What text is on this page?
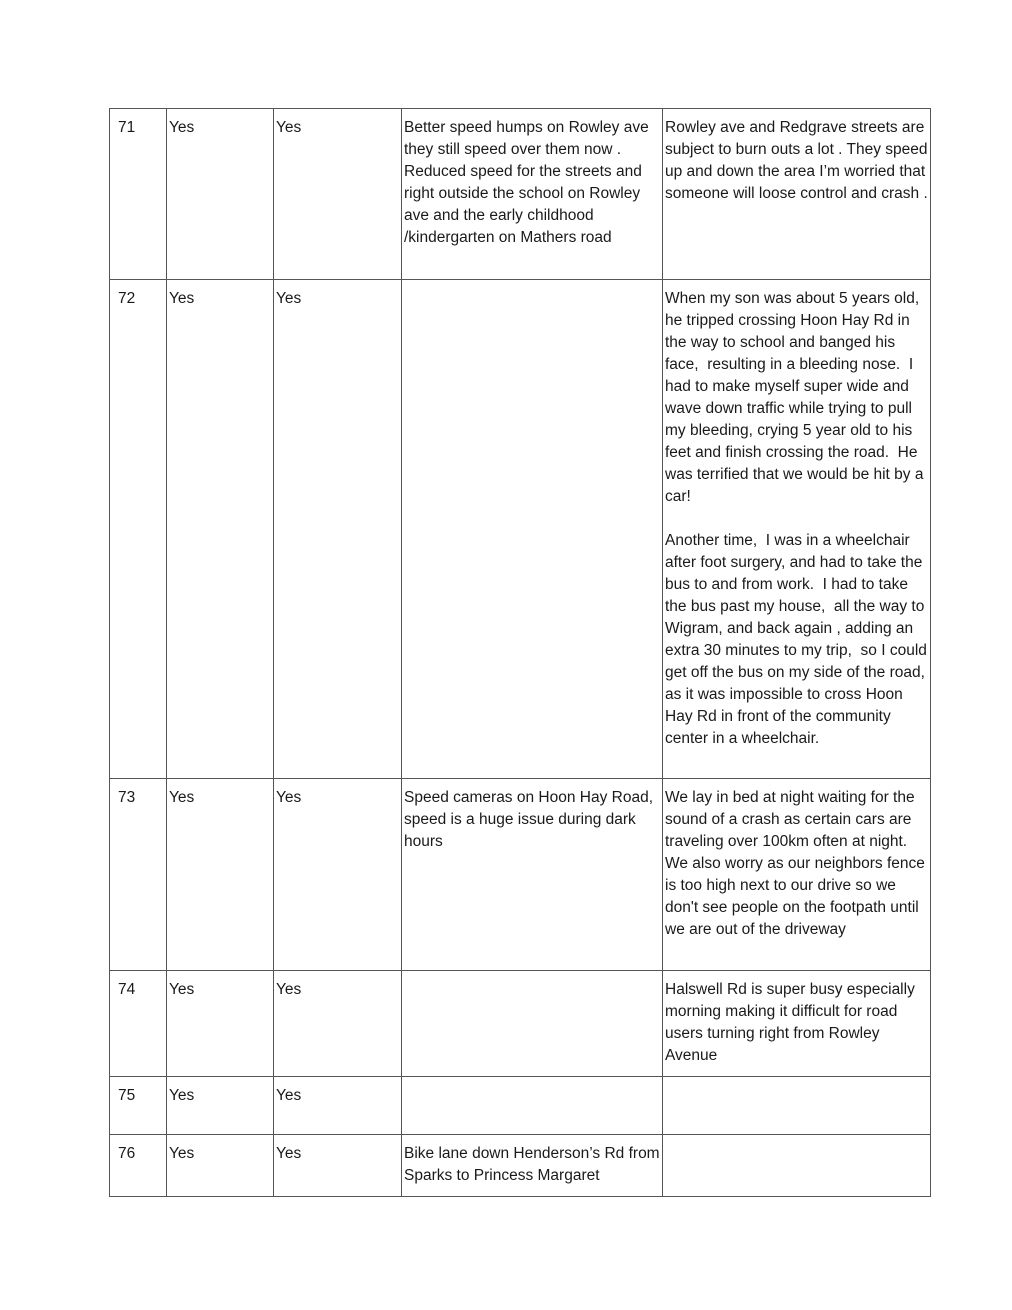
71	Yes	Yes	Better speed humps on Rowley ave they still speed over them now .
Reduced speed for the streets and right outside the school on Rowley ave and the early childhood /kindergarten on Mathers road	Rowley ave and Redgrave streets are subject to burn outs a lot . They speed up and down the area I’m worried that someone will loose control and crash .
72	Yes	Yes		When my son was about 5 years old,  he tripped crossing Hoon Hay Rd in the way to school and banged his face,  resulting in a bleeding nose.  I had to make myself super wide and wave down traffic while trying to pull my bleeding, crying 5 year old to his feet and finish crossing the road.  He was terrified that we would be hit by a car!

Another time,  I was in a wheelchair after foot surgery, and had to take the bus to and from work.  I had to take the bus past my house,  all the way to Wigram, and back again , adding an extra 30 minutes to my trip,  so I could get off the bus on my side of the road,  as it was impossible to cross Hoon Hay Rd in front of the community center in a wheelchair.
73	Yes	Yes	Speed cameras on Hoon Hay Road, speed is a huge issue during dark hours	We lay in bed at night waiting for the sound of a crash as certain cars are traveling over 100km often at night. We also worry as our neighbors fence is too high next to our drive so we don't see people on the footpath until we are out of the driveway
74	Yes	Yes		Halswell Rd is super busy especially morning making it difficult for road users turning right from Rowley Avenue
75	Yes	Yes		
76	Yes	Yes	Bike lane down Henderson’s Rd from Sparks to Princess Margaret	
